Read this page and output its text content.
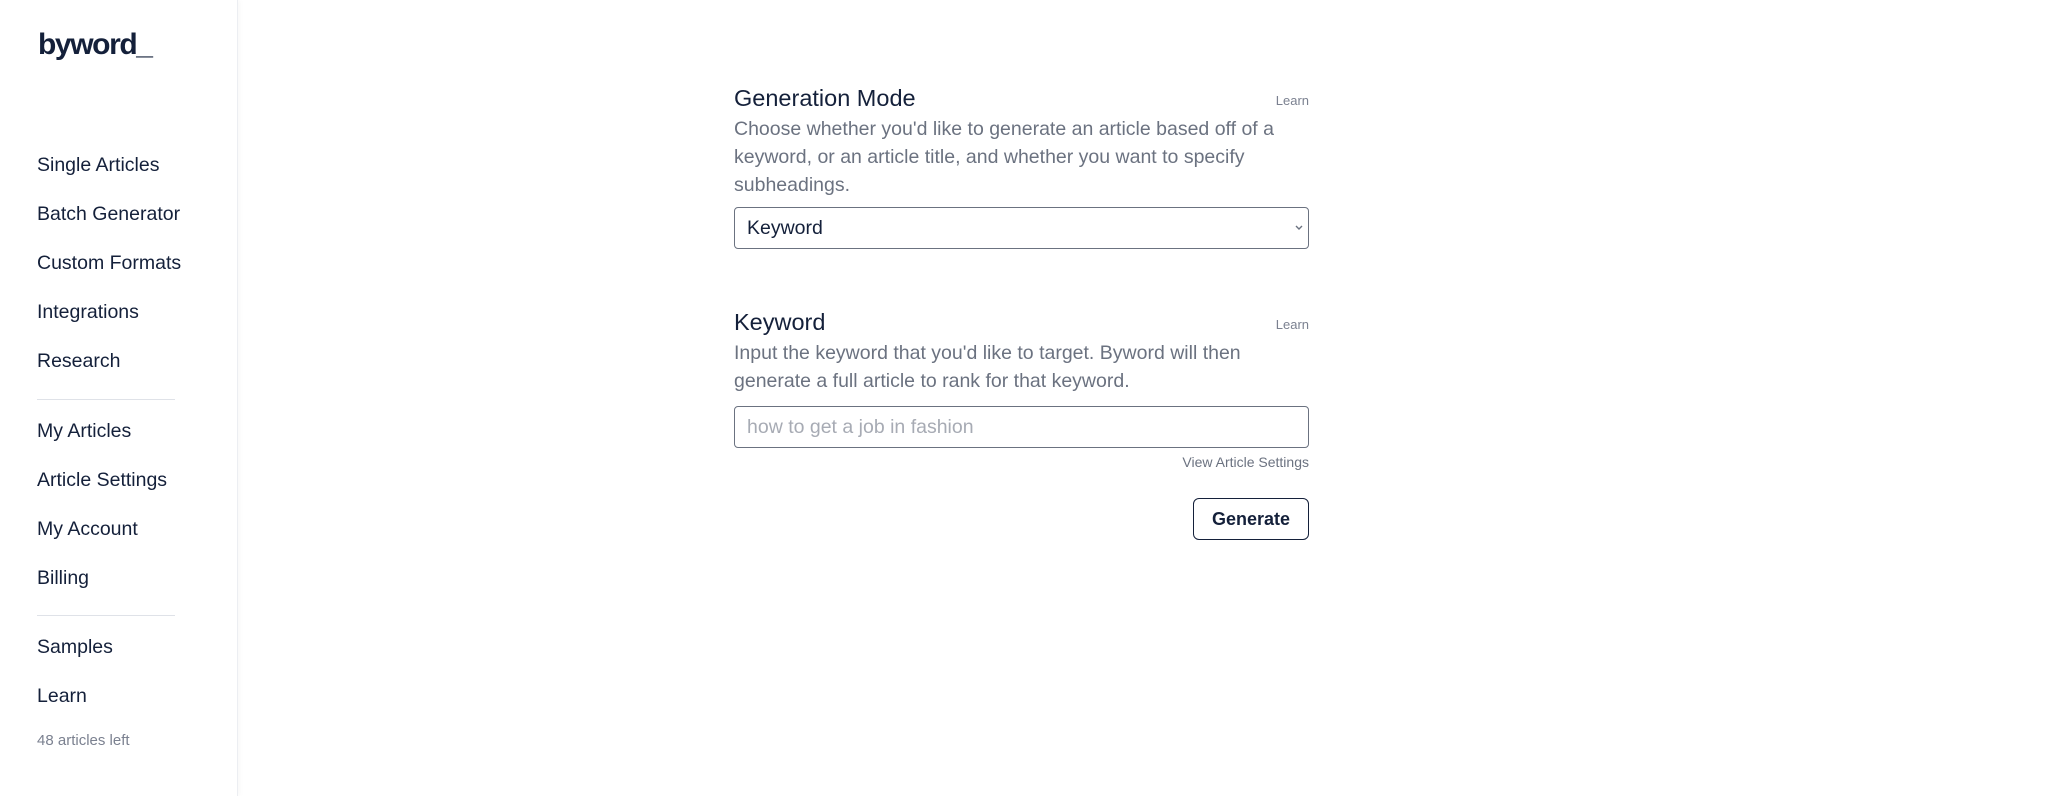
byword_
Single Articles
Batch Generator
Custom Formats
Integrations
Research
My Articles
Article Settings
My Account
Billing
Samples
Learn
48 articles left
Generation Mode	Learn

Choose whether you'd like to generate an article based off of a keyword, or an article title, and whether you want to specify subheadings.

Keyword
Keyword	Learn

Input the keyword that you'd like to target. Byword will then generate a full article to rank for that keyword.

how to get a job in fashion
View Article Settings
Generate
